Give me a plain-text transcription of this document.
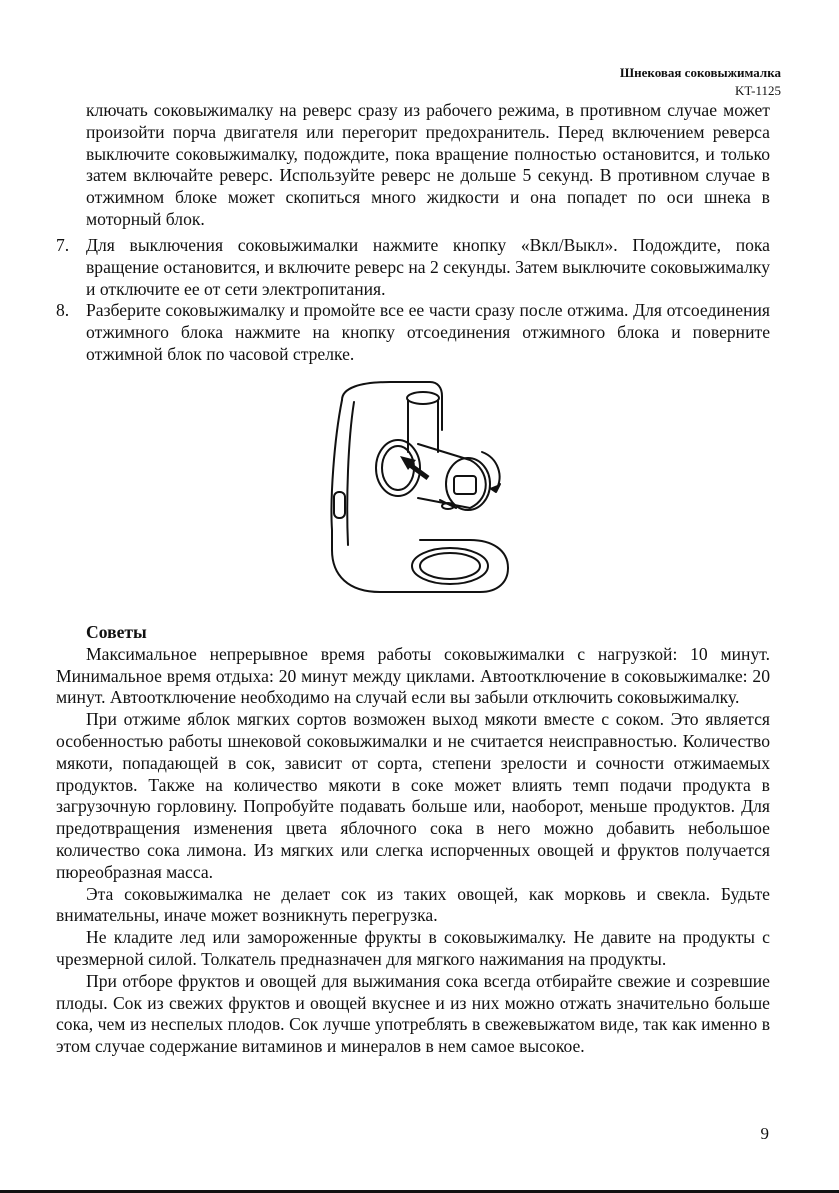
Шнековая соковыжималка
KT-1125
ключать соковыжималку на реверс сразу из рабочего режима, в противном случае может произойти порча двигателя или перегорит предохранитель. Перед включением реверса выключите соковыжималку, подождите, пока вращение полностью остановится, и только затем включайте реверс. Используйте реверс не дольше 5 секунд. В противном случае в отжимном блоке может скопиться много жидкости и она попадет по оси шнека в моторный блок.
7. Для выключения соковыжималки нажмите кнопку «Вкл/Выкл». Подождите, пока вращение остановится, и включите реверс на 2 секунды. Затем выключите соковыжималку и отключите ее от сети электропитания.
8. Разберите соковыжималку и промойте все ее части сразу после отжима. Для отсоединения отжимного блока нажмите на кнопку отсоединения отжимного блока и поверните отжимной блок по часовой стрелке.
Советы

Максимальное непрерывное время работы соковыжималки с нагрузкой: 10 минут. Минимальное время отдыха: 20 минут между циклами. Автоотключение в соковыжималке: 20 минут. Автоотключение необходимо на случай если вы забыли отключить соковыжималку.

При отжиме яблок мягких сортов возможен выход мякоти вместе с соком. Это является особенностью работы шнековой соковыжималки и не считается неисправностью. Количество мякоти, попадающей в сок, зависит от сорта, степени зрелости и сочности отжимаемых продуктов. Также на количество мякоти в соке может влиять темп подачи продукта в загрузочную горловину. Попробуйте подавать больше или, наоборот, меньше продуктов. Для предотвращения изменения цвета яблочного сока в него можно добавить небольшое количество сока лимона. Из мягких или слегка испорченных овощей и фруктов получается пюреобразная масса.

Эта соковыжималка не делает сок из таких овощей, как морковь и свекла. Будьте внимательны, иначе может возникнуть перегрузка.

Не кладите лед или замороженные фрукты в соковыжималку. Не давите на продукты с чрезмерной силой. Толкатель предназначен для мягкого нажимания на продукты.

При отборе фруктов и овощей для выжимания сока всегда отбирайте свежие и созревшие плоды. Сок из свежих фруктов и овощей вкуснее и из них можно отжать значительно больше сока, чем из неспелых плодов. Сок лучше употреблять в свежевыжатом виде, так как именно в этом случае содержание витаминов и минералов в нем самое высокое.

9
